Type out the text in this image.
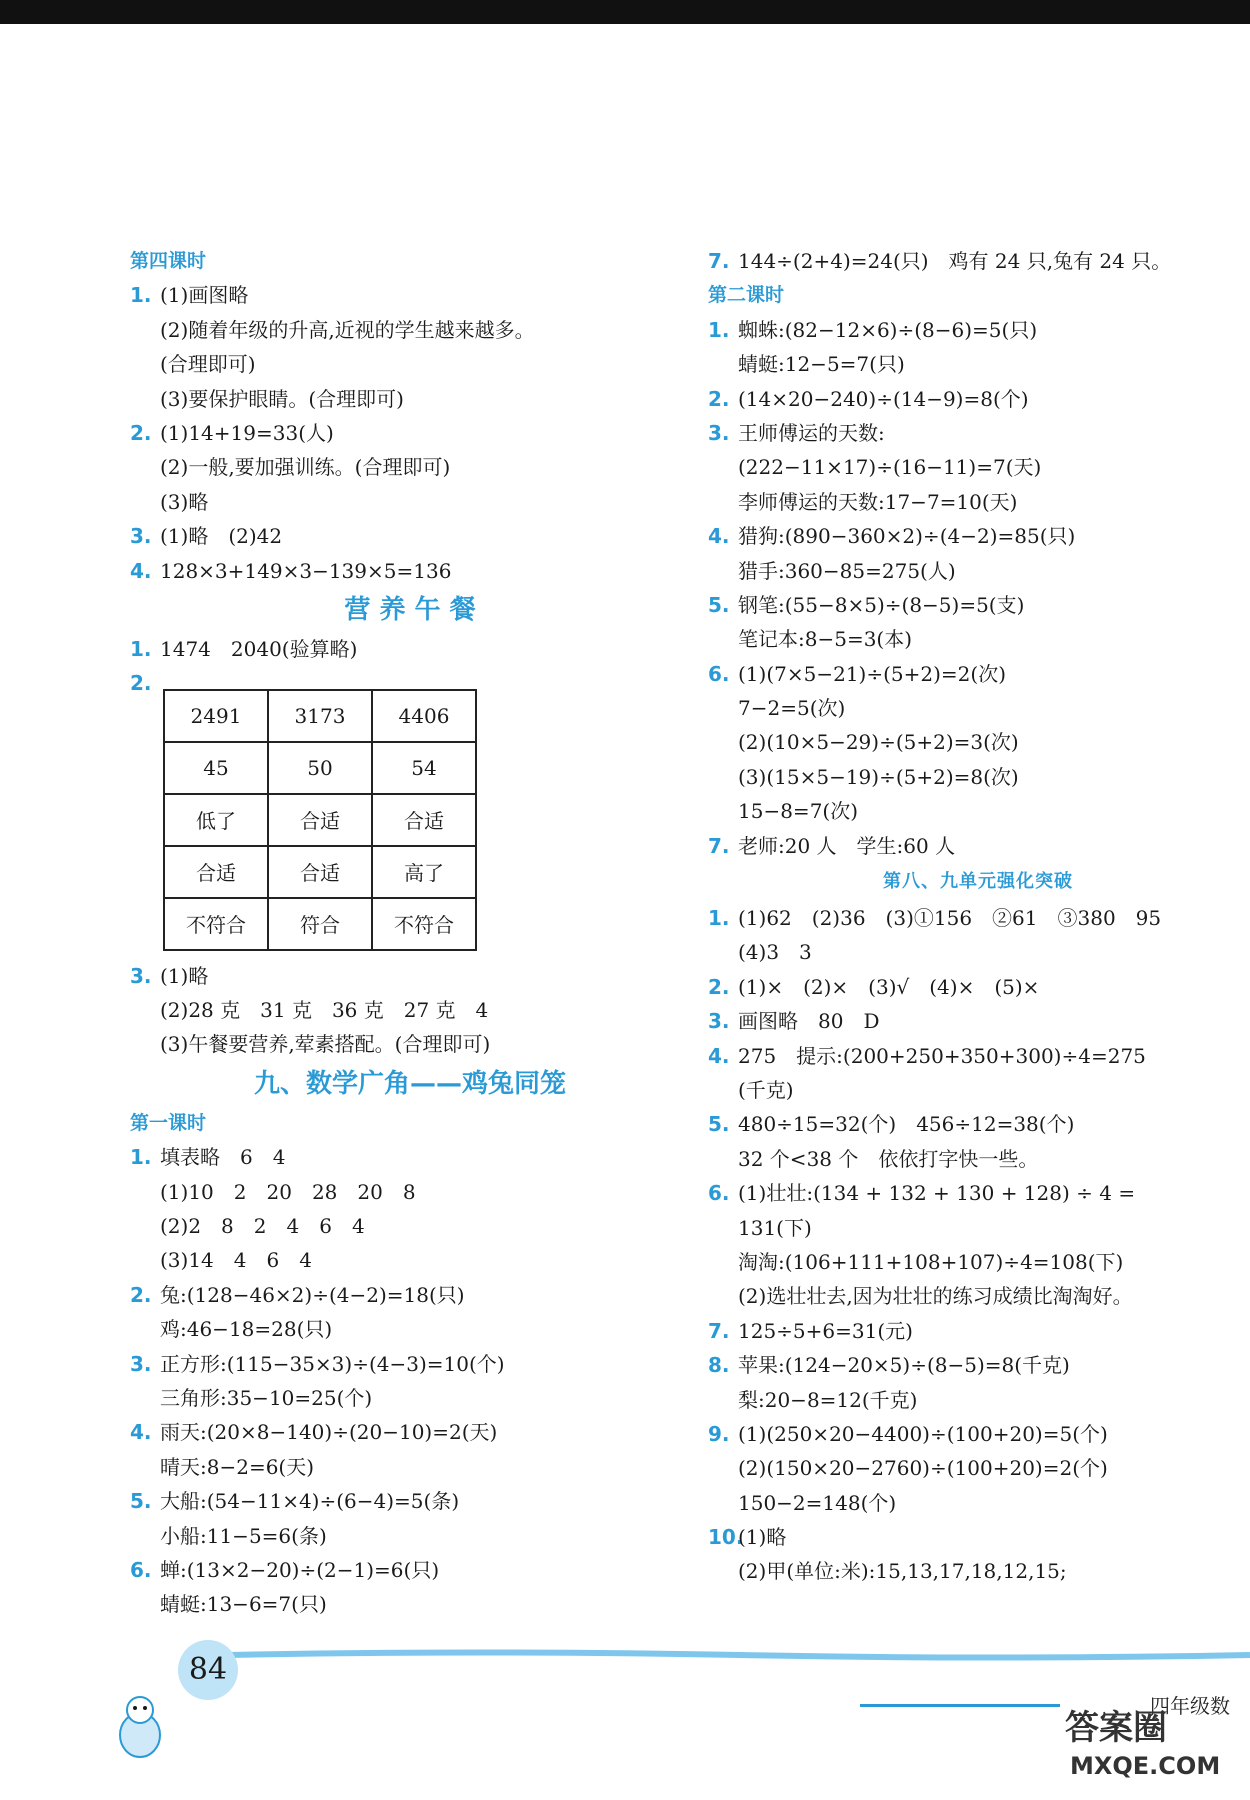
第四课时
1. (1)画图略
(2)随着年级的升高,近视的学生越来越多。
(合理即可)
(3)要保护眼睛。(合理即可)
2. (1)14+19=33(人)
(2)一般,要加强训练。(合理即可)
(3)略
3. (1)略　(2)42
4. 128×3+149×3−139×5=136
营 养 午 餐
1. 1474　2040(验算略)
2.
2491	3173	4406
45	50	54
低了	合适	合适
合适	合适	高了
不符合	符合	不符合
3. (1)略
(2)28 克　31 克　36 克　27 克　4
(3)午餐要营养,荤素搭配。(合理即可)
九、数学广角——鸡兔同笼
第一课时
1. 填表略　6　4
(1)10　2　20　28　20　8
(2)2　8　2　4　6　4
(3)14　4　6　4
2. 兔:(128−46×2)÷(4−2)=18(只)
鸡:46−18=28(只)
3. 正方形:(115−35×3)÷(4−3)=10(个)
三角形:35−10=25(个)
4. 雨天:(20×8−140)÷(20−10)=2(天)
晴天:8−2=6(天)
5. 大船:(54−11×4)÷(6−4)=5(条)
小船:11−5=6(条)
6. 蝉:(13×2−20)÷(2−1)=6(只)
蜻蜓:13−6=7(只)
7. 144÷(2+4)=24(只)　鸡有 24 只,兔有 24 只。
第二课时
1. 蜘蛛:(82−12×6)÷(8−6)=5(只)
蜻蜓:12−5=7(只)
2. (14×20−240)÷(14−9)=8(个)
3. 王师傅运的天数:
(222−11×17)÷(16−11)=7(天)
李师傅运的天数:17−7=10(天)
4. 猎狗:(890−360×2)÷(4−2)=85(只)
猎手:360−85=275(人)
5. 钢笔:(55−8×5)÷(8−5)=5(支)
笔记本:8−5=3(本)
6. (1)(7×5−21)÷(5+2)=2(次)
7−2=5(次)
(2)(10×5−29)÷(5+2)=3(次)
(3)(15×5−19)÷(5+2)=8(次)
15−8=7(次)
7. 老师:20 人　学生:60 人
第八、九单元强化突破
1. (1)62　(2)36　(3)①156　②61　③380　95
(4)3　3
2. (1)×　(2)×　(3)√　(4)×　(5)×
3. 画图略　80　D
4. 275　提示:(200+250+350+300)÷4=275
(千克)
5. 480÷15=32(个)　456÷12=38(个)
32 个<38 个　依依打字快一些。
6. (1)壮壮:(134 + 132 + 130 + 128) ÷ 4 =
131(下)
淘淘:(106+111+108+107)÷4=108(下)
(2)选壮壮去,因为壮壮的练习成绩比淘淘好。
7. 125÷5+6=31(元)
8. 苹果:(124−20×5)÷(8−5)=8(千克)
梨:20−8=12(千克)
9. (1)(250×20−4400)÷(100+20)=5(个)
(2)(150×20−2760)÷(100+20)=2(个)
150−2=148(个)
10.(1)略
(2)甲(单位:米):15,13,17,18,12,15;
84
四年级数
答案圈
MXQE.COM
